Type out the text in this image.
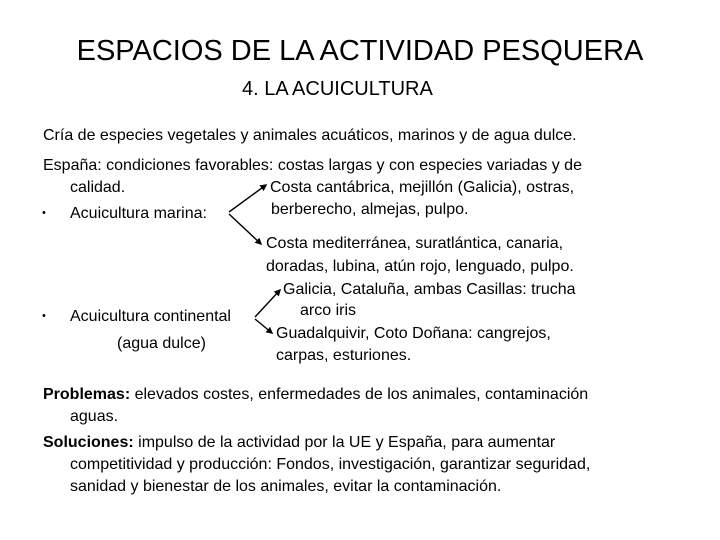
ESPACIOS DE LA ACTIVIDAD PESQUERA
4. LA ACUICULTURA
Cría de especies vegetales y animales acuáticos, marinos y de agua dulce.
España: condiciones favorables: costas largas y con especies variadas y de
calidad.
• Acuicultura marina:
Costa cantábrica, mejillón (Galicia), ostras,
berberecho, almejas, pulpo.
Costa mediterránea, suratlántica, canaria,
doradas, lubina, atún rojo, lenguado, pulpo.
Galicia, Cataluña, ambas Casillas: trucha
arco iris
• Acuicultura continental
(agua dulce)
Guadalquivir, Coto Doñana: cangrejos,
carpas, esturiones.
Problemas: elevados costes, enfermedades de los animales, contaminación
aguas.
Soluciones: impulso de la actividad por la UE y España, para aumentar
competitividad y producción: Fondos, investigación, garantizar seguridad,
sanidad y bienestar de los animales, evitar la contaminación.
